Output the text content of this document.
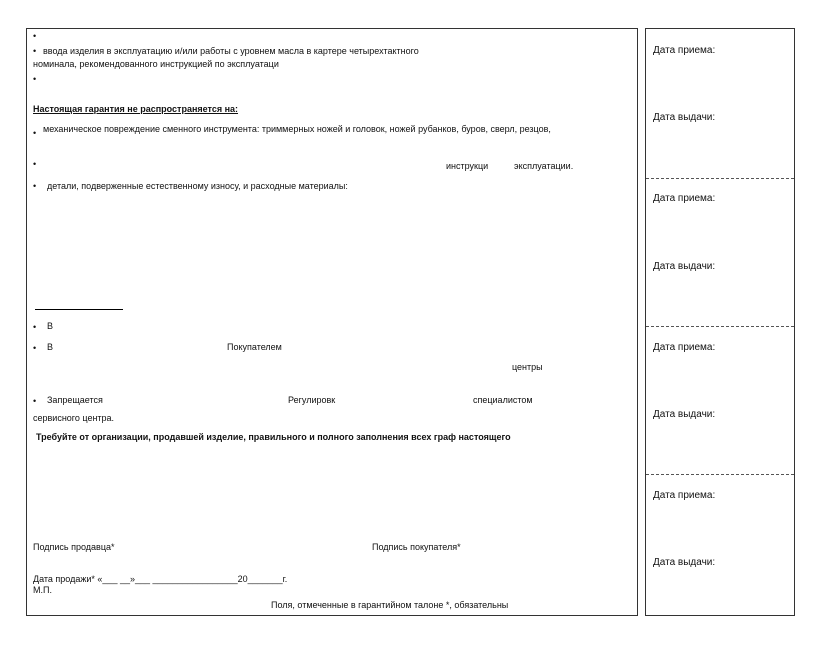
•
• ввода изделия в эксплуатацию и/или работы с уровнем масла в картере четырехтактного
номинала, рекомендованного инструкцией по эксплуатаци
•
Настоящая гарантия не распространяется на:
• механическое повреждение сменного инструмента: триммерных ножей и головок, ножей рубанков, буров, сверл, резцов,
•	инструкци	эксплуатации.
• детали, подверженные естественному износу, и расходные материалы:
• В
• В	Покупателем
центры
• Запрещается	Регулировк	специалистом
сервисного центра.
Требуйте от организации, продавшей изделие, правильного и полного заполнения всех граф настоящего
Подпись продавца*	Подпись покупателя*
Дата продажи* «___ __»___ _________________20_______г.
М.П.
Поля, отмеченные в гарантийном талоне *, обязательны
Дата приема:
Дата выдачи:
Дата приема:
Дата выдачи:
Дата приема:
Дата выдачи:
Дата приема:
Дата выдачи:
